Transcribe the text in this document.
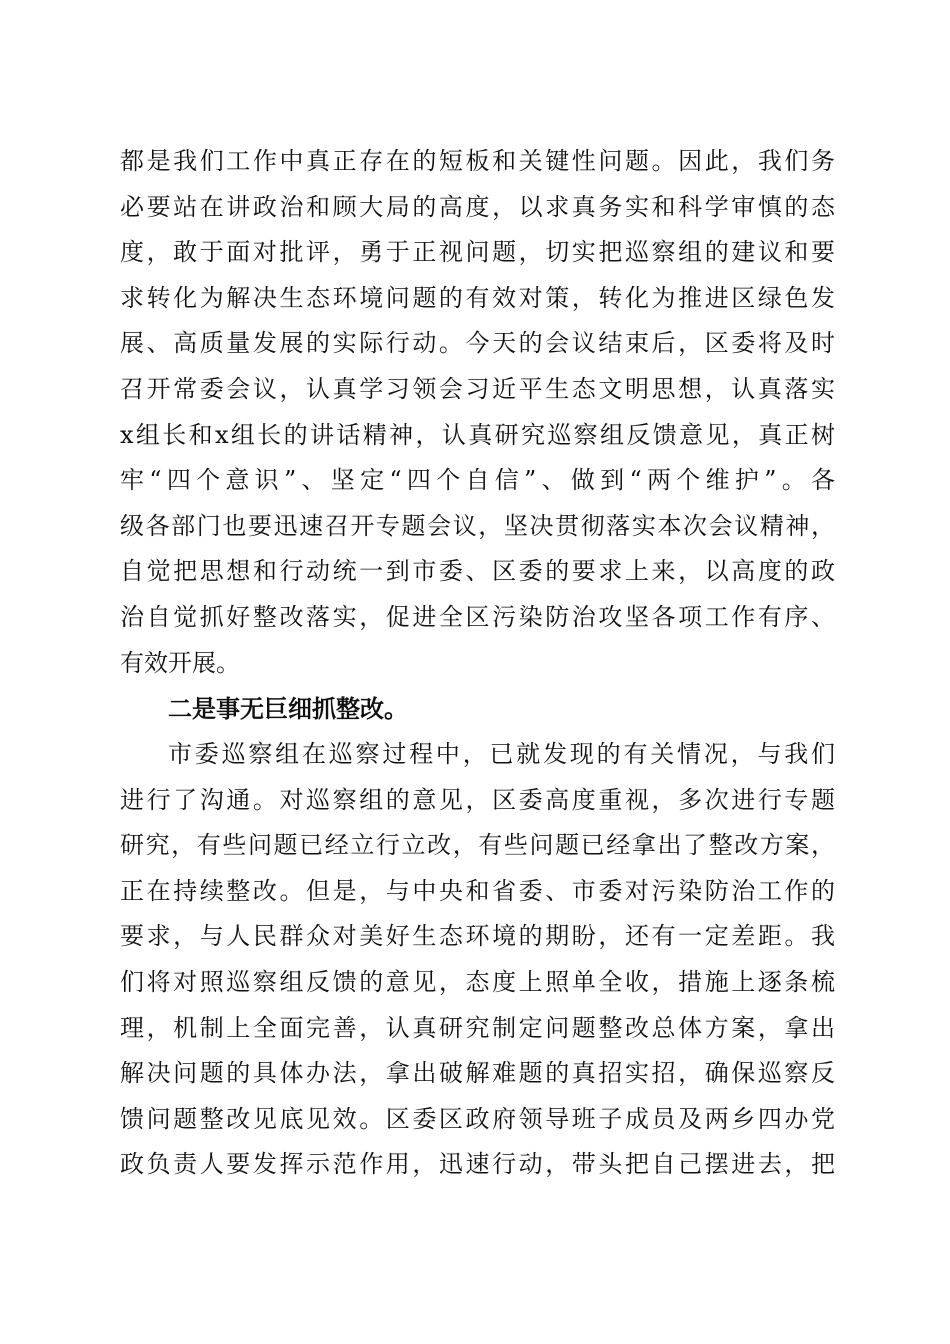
都是我们工作中真正存在的短板和关键性问题。因此，我们务
必要站在讲政治和顾大局的高度，以求真务实和科学审慎的态
度，敢于面对批评，勇于正视问题，切实把巡察组的建议和要
求转化为解决生态环境问题的有效对策，转化为推进区绿色发
展、高质量发展的实际行动。今天的会议结束后，区委将及时
召开常委会议，认真学习领会习近平生态文明思想，认真落实
x组长和x组长的讲话精神，认真研究巡察组反馈意见，真正树
牢“四个意识”、坚定“四个自信”、做到“两个维护”。各
级各部门也要迅速召开专题会议，坚决贯彻落实本次会议精神，
自觉把思想和行动统一到市委、区委的要求上来，以高度的政
治自觉抓好整改落实，促进全区污染防治攻坚各项工作有序、
有效开展。
二是事无巨细抓整改。
市委巡察组在巡察过程中，已就发现的有关情况，与我们
进行了沟通。对巡察组的意见，区委高度重视，多次进行专题
研究，有些问题已经立行立改，有些问题已经拿出了整改方案，
正在持续整改。但是，与中央和省委、市委对污染防治工作的
要求，与人民群众对美好生态环境的期盼，还有一定差距。我
们将对照巡察组反馈的意见，态度上照单全收，措施上逐条梳
理，机制上全面完善，认真研究制定问题整改总体方案，拿出
解决问题的具体办法，拿出破解难题的真招实招，确保巡察反
馈问题整改见底见效。区委区政府领导班子成员及两乡四办党
政负责人要发挥示范作用，迅速行动，带头把自己摆进去，把
